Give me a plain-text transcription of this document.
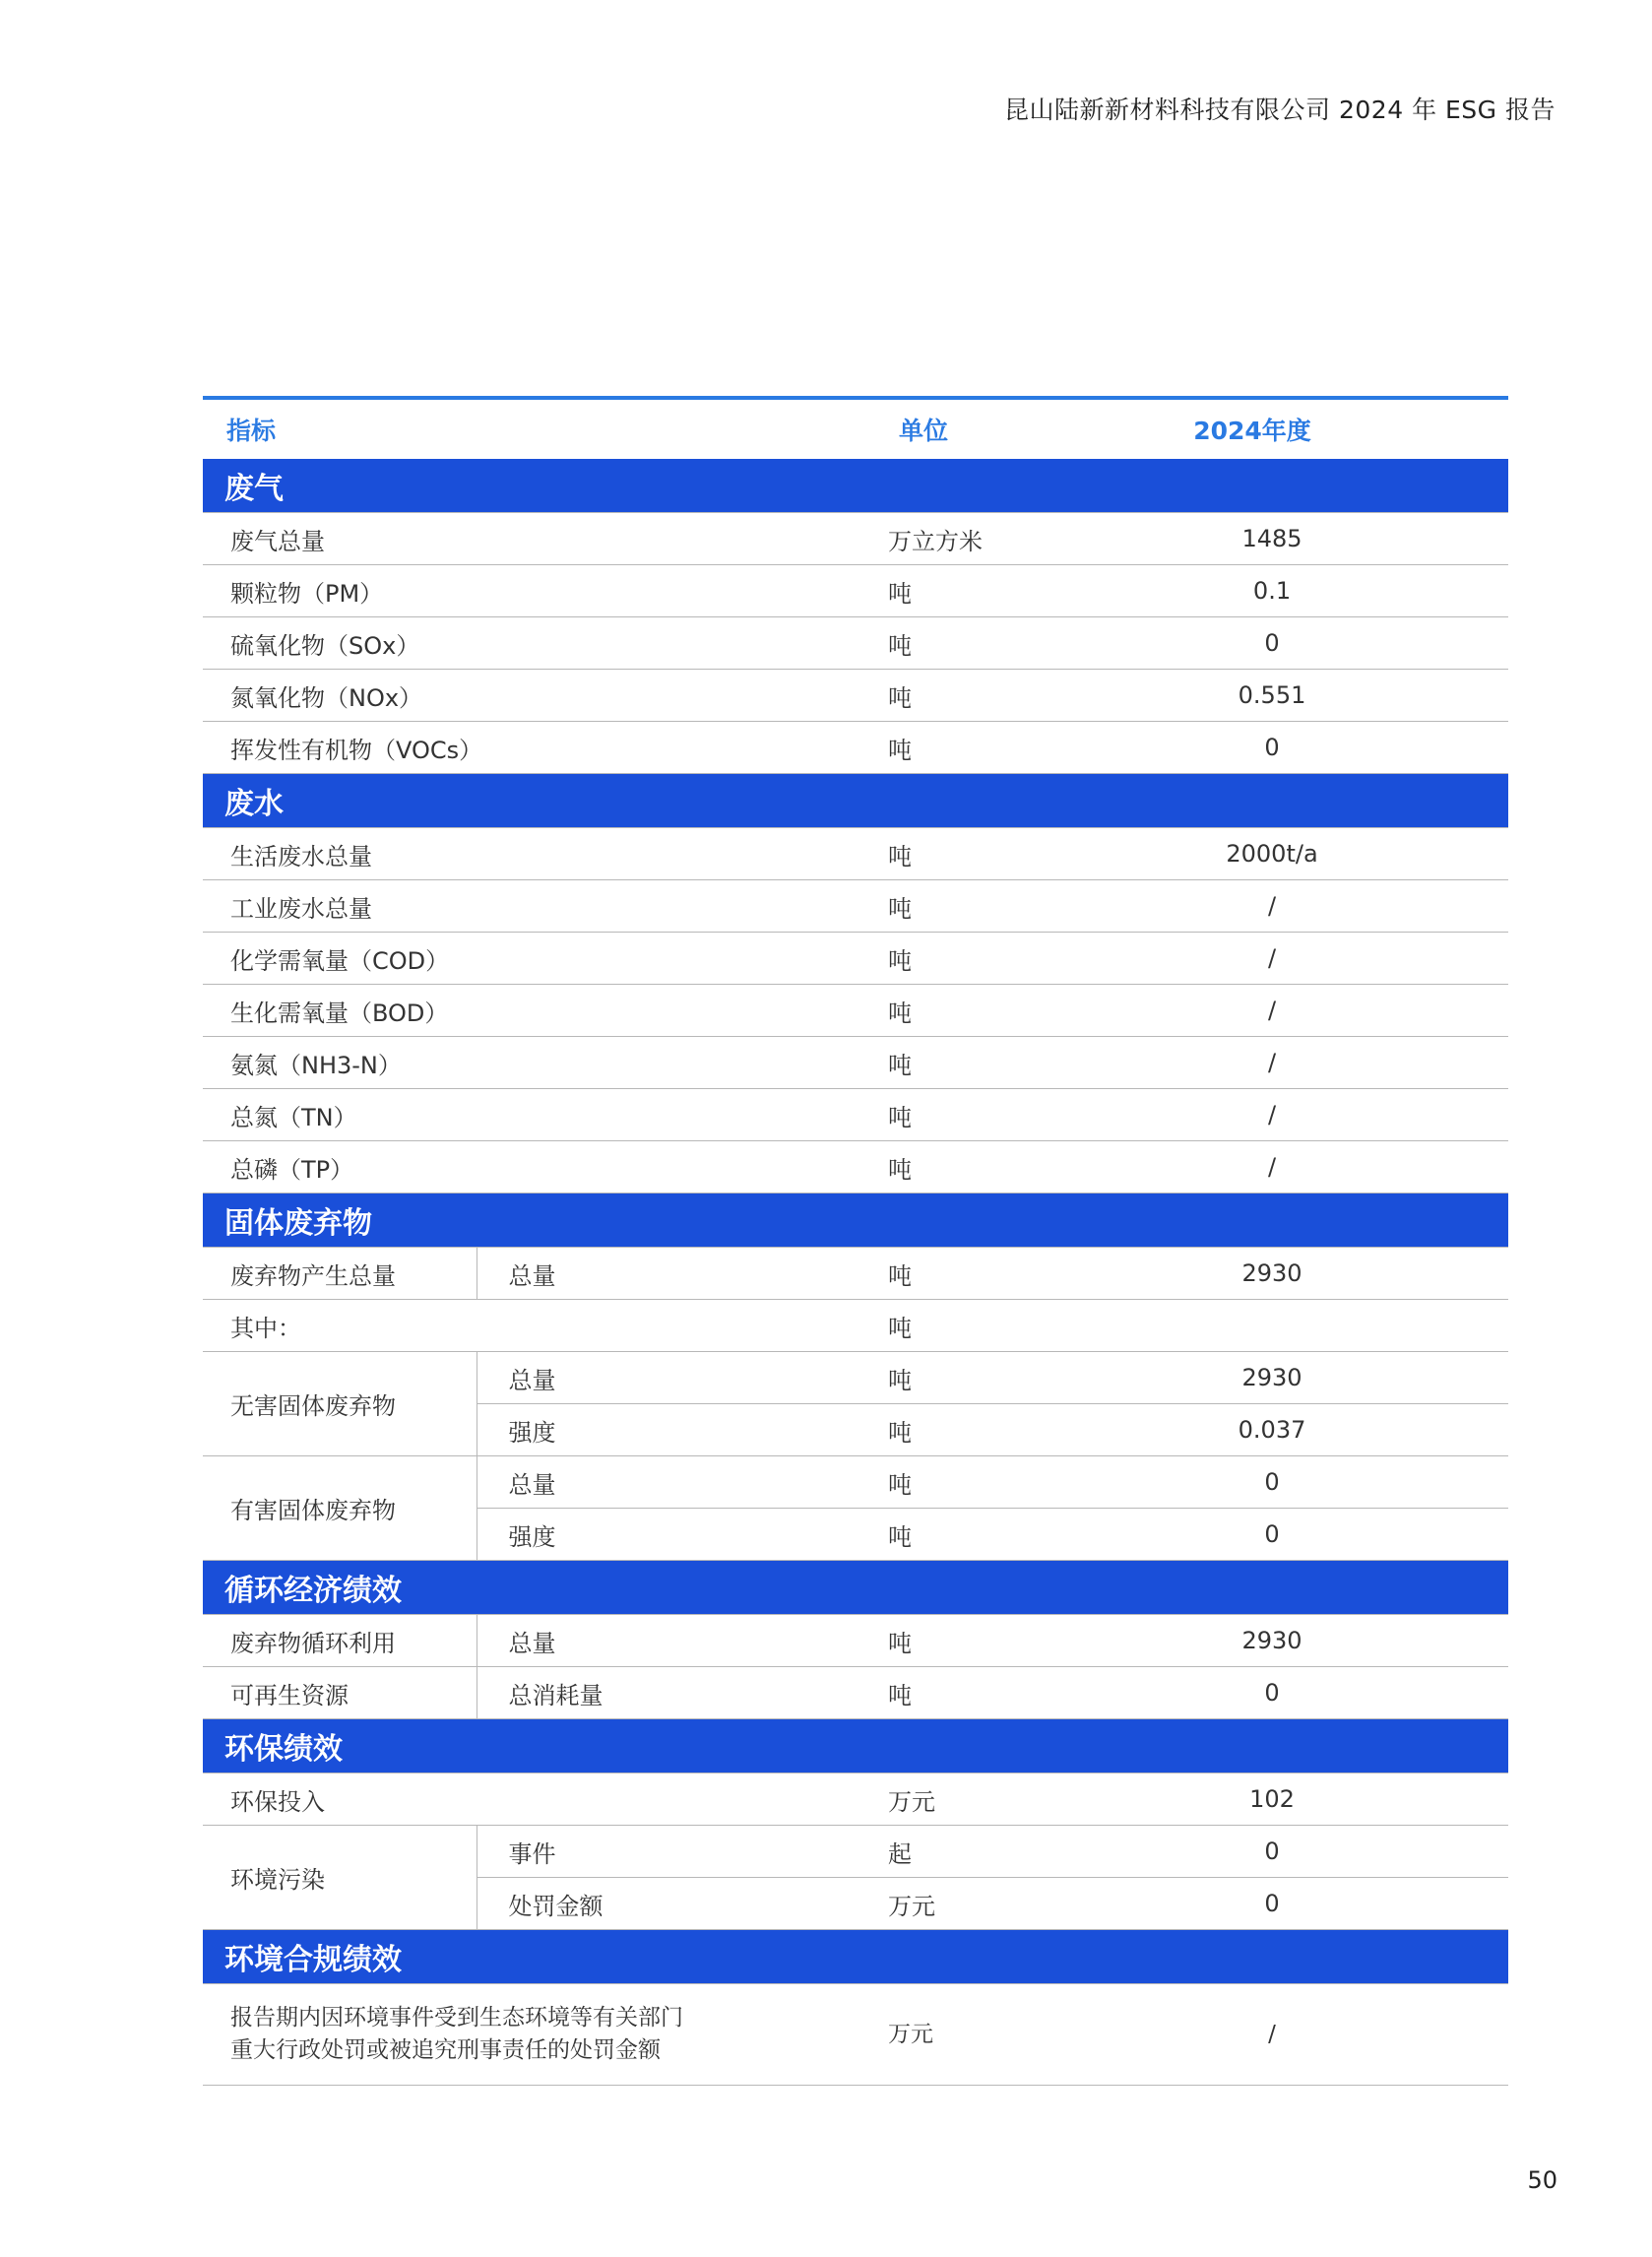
昆山陆新新材料科技有限公司 2024 年 ESG 报告
指标		单位	2024年度
废气			
废气总量		万立方米	1485
颗粒物（PM）		吨	0.1
硫氧化物（SOx）		吨	0
氮氧化物（NOx）		吨	0.551
挥发性有机物（VOCs）		吨	0
废水			
生活废水总量		吨	2000t/a
工业废水总量		吨	/
化学需氧量（COD）		吨	/
生化需氧量（BOD）		吨	/
氨氮（NH3-N）		吨	/
总氮（TN）		吨	/
总磷（TP）		吨	/
固体废弃物			
废弃物产生总量	总量	吨	2930
其中：		吨	
无害固体废弃物	总量	吨	2930
	强度	吨	0.037
有害固体废弃物	总量	吨	0
	强度	吨	0
循环经济绩效			
废弃物循环利用	总量	吨	2930
可再生资源	总消耗量	吨	0
环保绩效			
环保投入		万元	102
环境污染	事件	起	0
	处罚金额	万元	0
环境合规绩效			

报告期内因环境事件受到生态环境等有关部门
重大行政处罚或被追究刑事责任的处罚金额		万元	/
50
